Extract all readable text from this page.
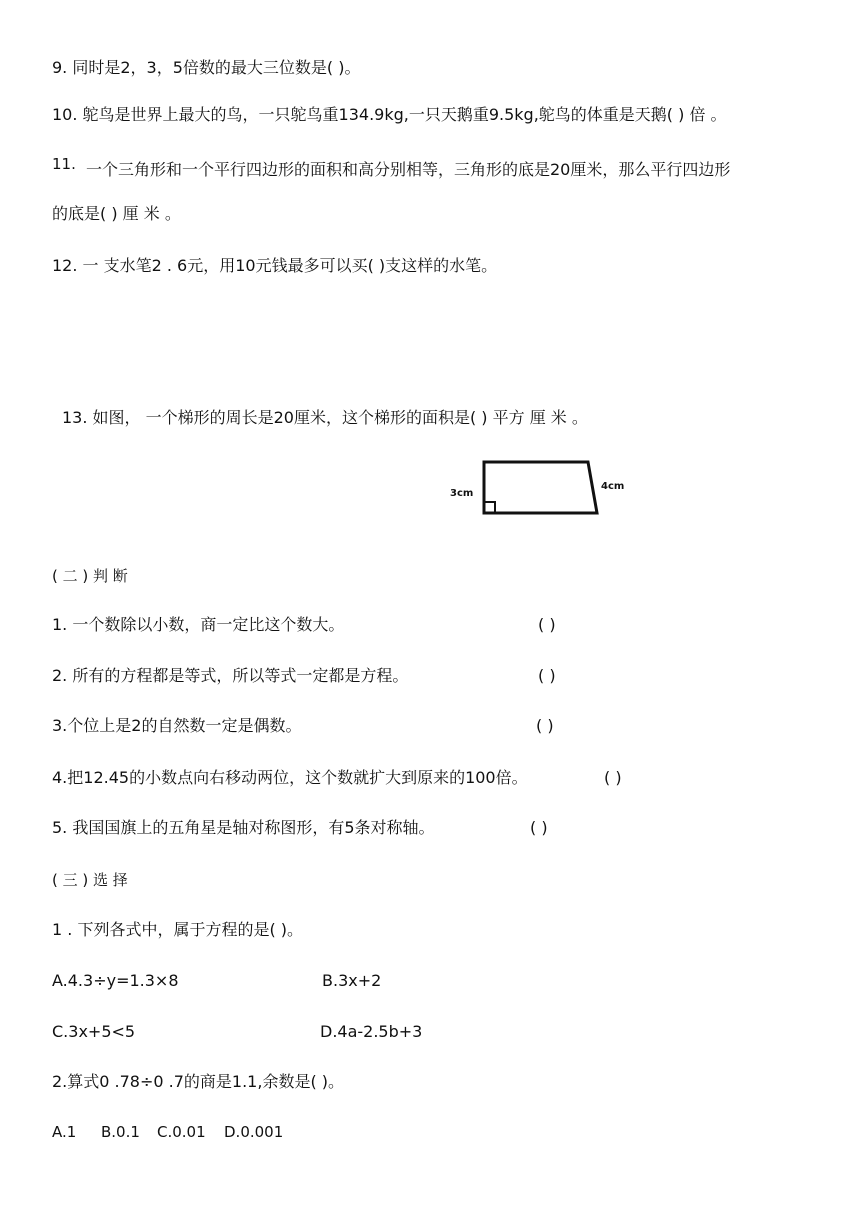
9. 同时是2，3，5倍数的最大三位数是( )。
10. 鸵鸟是世界上最大的鸟，一只鸵鸟重134.9kg,一只天鹅重9.5kg,鸵鸟的体重是天鹅( ) 倍 。
11. 一个三角形和一个平行四边形的面积和高分别相等，三角形的底是20厘米，那么平行四边形
的底是( ) 厘 米 。
12. 一 支水笔2 . 6元，用10元钱最多可以买( )支这样的水笔。
13. 如图， 一个梯形的周长是20厘米，这个梯形的面积是( ) 平方 厘 米 。
3cm
4cm
( 二 ) 判 断
1. 一个数除以小数，商一定比这个数大。	( )
2. 所有的方程都是等式，所以等式一定都是方程。	( )
3.个位上是2的自然数一定是偶数。	( )
4.把12.45的小数点向右移动两位，这个数就扩大到原来的100倍。	( )
5. 我国国旗上的五角星是轴对称图形，有5条对称轴。	( )
( 三 ) 选 择
1 . 下列各式中，属于方程的是( )。
A.4.3÷y=1.3×8	B.3x+2
C.3x+5<5	D.4a-2.5b+3
2.算式0 .78÷0 .7的商是1.1,余数是( )。
A.1 B.0.1 C.0.01 D.0.001
